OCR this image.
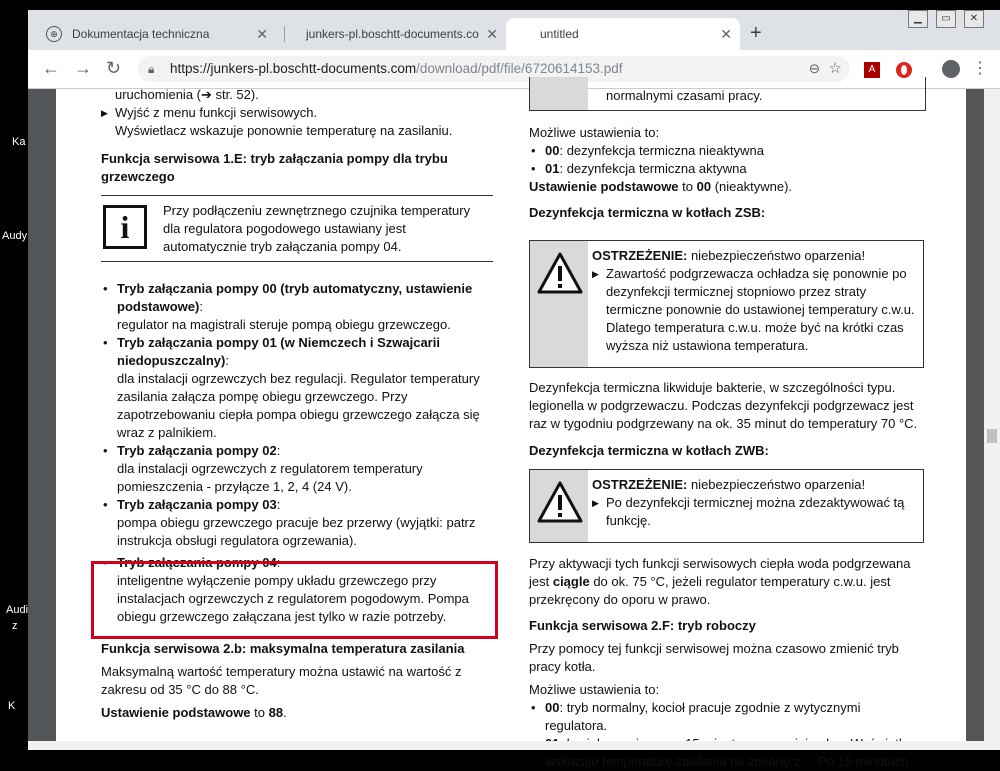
Ka
Audy
Audi
z
K
⊕	Dokumentacja techniczna	✕	junkers-pl.boschtt-documents.co ✕	untitled	✕ +
▁	▭	✕
← → ↻ 🔒︎ https://junkers-pl.boschtt-documents.com/download/pdf/file/6720614153.pdf	⊖ ☆	A	⋮

uruchomienia (➔ str. 52).

▶ Wyjść z menu funkcji serwisowych.

Wyświetlacz wskazuje ponownie temperaturę na zasilaniu.

Funkcja serwisowa 1.E: tryb załączania pompy dla trybu grzewczego

i	Przy podłączeniu zewnętrznego czujnika temperatury dla regulatora pogodowego ustawiany jest automatycznie tryb załączania pompy 04.
• Tryb załączania pompy 00 (tryb automatyczny, ustawienie podstawowe):
regulator na magistrali steruje pompą obiegu grzewczego.
• Tryb załączania pompy 01 (w Niemczech i Szwajcarii niedopuszczalny):
dla instalacji ogrzewczych bez regulacji. Regulator temperatury zasilania załącza pompę obiegu grzewczego. Przy zapotrzebowaniu ciepła pompa obiegu grzewczego załącza się wraz z palnikiem.
• Tryb załączania pompy 02:
dla instalacji ogrzewczych z regulatorem temperatury pomieszczenia - przyłącze 1, 2, 4 (24 V).
• Tryb załączania pompy 03:
pompa obiegu grzewczego pracuje bez przerwy (wyjątki: patrz instrukcja obsługi regulatora ogrzewania).
• Tryb załączania pompy 04:
inteligentne wyłączenie pompy układu grzewczego przy instalacjach ogrzewczych z regulatorem pogodowym. Pompa obiegu grzewczego załączana jest tylko w razie potrzeby.

Funkcja serwisowa 2.b: maksymalna temperatura zasilania

Maksymalną wartość temperatury można ustawić na wartość z zakresu od 35 °C do 88 °C.

Ustawienie podstawowe to 88.

normalnymi czasami pracy.

Możliwe ustawienia to:

• 00: dezynfekcja termiczna nieaktywna

• 01: dezynfekcja termiczna aktywna

Ustawienie podstawowe to 00 (nieaktywne).

Dezynfekcja termiczna w kotłach ZSB:

OSTRZEŻENIE: niebezpieczeństwo oparzenia!

▶ Zawartość podgrzewacza ochładza się ponownie po dezynfekcji termicznej stopniowo przez straty termiczne ponownie do ustawionej temperatury c.w.u. Dlatego temperatura c.w.u. może być na krótki czas wyższa niż ustawiona temperatura.

Dezynfekcja termiczna likwiduje bakterie, w szczególności typu. legionella w podgrzewaczu. Podczas dezynfekcji podgrzewacz jest raz w tygodniu podgrzewany na ok. 35 minut do temperatury 70 °C.

Dezynfekcja termiczna w kotłach ZWB:

OSTRZEŻENIE: niebezpieczeństwo oparzenia!

▶ Po dezynfekcji termicznej można zdezaktywować tą funkcję.

Przy aktywacji tych funkcji serwisowych ciepła woda podgrzewana jest ciągle do ok. 75 °C, jeżeli regulator temperatury c.w.u. jest przekręcony do oporu w prawo.

Funkcja serwisowa 2.F: tryb roboczy

Przy pomocy tej funkcji serwisowej można czasowo zmienić tryb pracy kotła.

Możliwe ustawienia to:

• 00: tryb normalny, kocioł pracuje zgodnie z wytycznymi regulatora.

• wskazuje temperaturę zasilania na zmianę z ... Po 15 minutach
